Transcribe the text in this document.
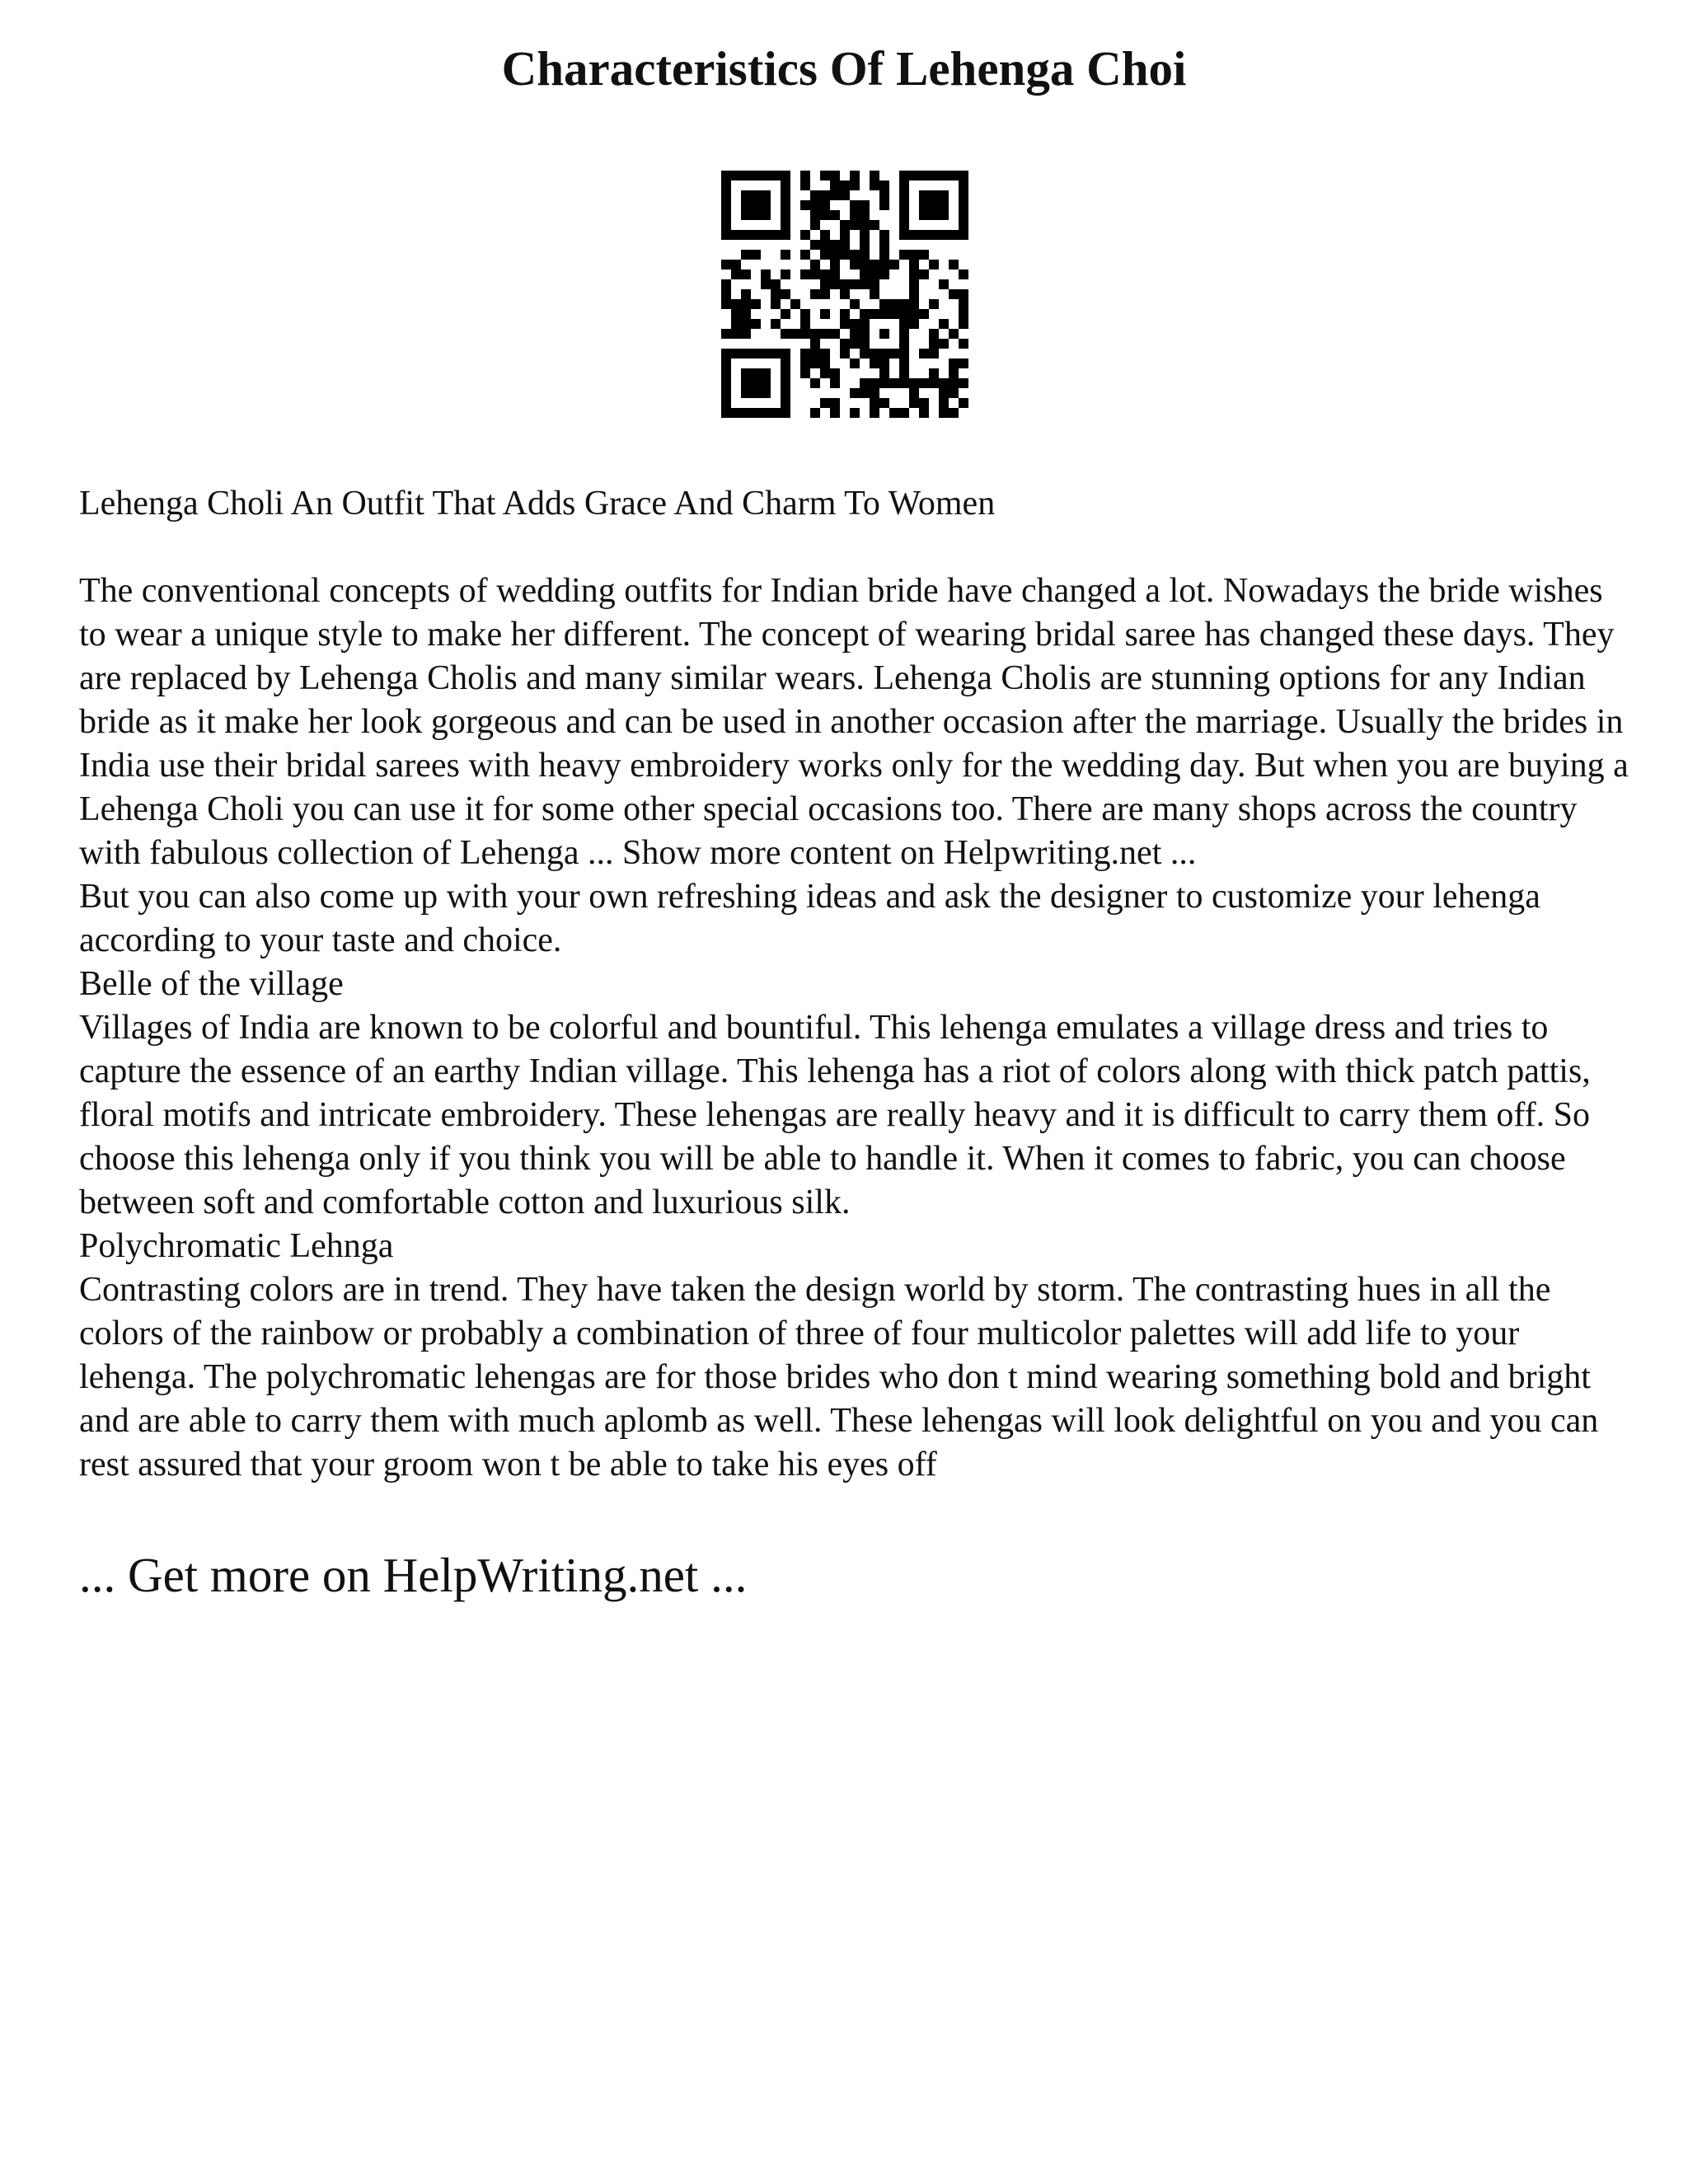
Characteristics Of Lehenga Choi

Lehenga Choli An Outfit That Adds Grace And Charm To Women

The conventional concepts of wedding outfits for Indian bride have changed a lot. Nowadays the bride wishes to wear a unique style to make her different. The concept of wearing bridal saree has changed these days. They are replaced by Lehenga Cholis and many similar wears. Lehenga Cholis are stunning options for any Indian bride as it make her look gorgeous and can be used in another occasion after the marriage. Usually the brides in India use their bridal sarees with heavy embroidery works only for the wedding day. But when you are buying a Lehenga Choli you can use it for some other special occasions too. There are many shops across the country with fabulous collection of Lehenga ... Show more content on Helpwriting.net ...

But you can also come up with your own refreshing ideas and ask the designer to customize your lehenga according to your taste and choice.

Belle of the village

Villages of India are known to be colorful and bountiful. This lehenga emulates a village dress and tries to capture the essence of an earthy Indian village. This lehenga has a riot of colors along with thick patch pattis, floral motifs and intricate embroidery. These lehengas are really heavy and it is difficult to carry them off. So choose this lehenga only if you think you will be able to handle it. When it comes to fabric, you can choose between soft and comfortable cotton and luxurious silk.

Polychromatic Lehnga

Contrasting colors are in trend. They have taken the design world by storm. The contrasting hues in all the colors of the rainbow or probably a combination of three of four multicolor palettes will add life to your lehenga. The polychromatic lehengas are for those brides who don t mind wearing something bold and bright and are able to carry them with much aplomb as well. These lehengas will look delightful on you and you can rest assured that your groom won t be able to take his eyes off

... Get more on HelpWriting.net ...
